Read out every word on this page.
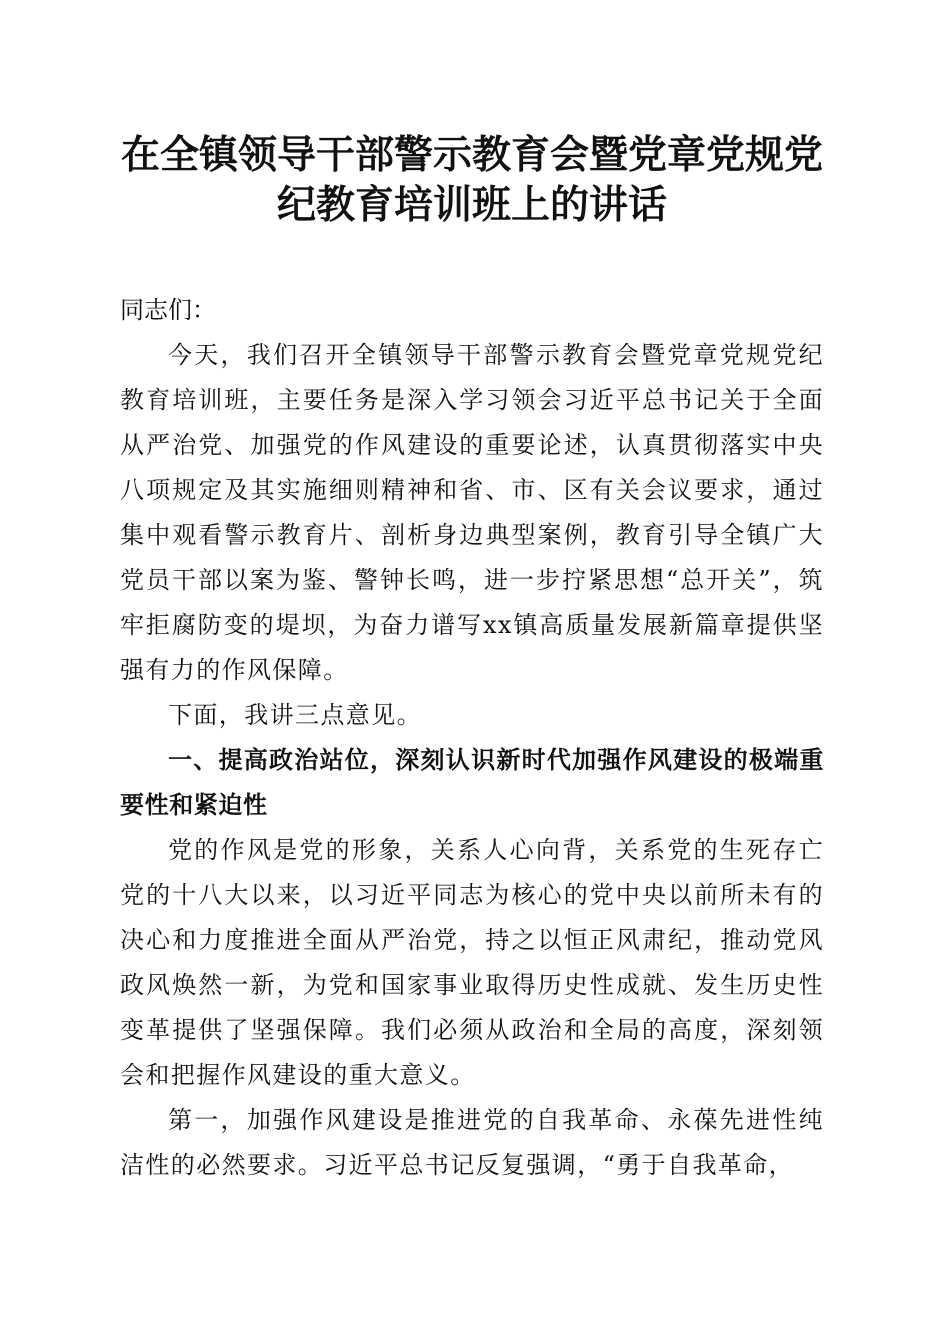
在全镇领导干部警示教育会暨党章党规党纪教育培训班上的讲话

同志们：

今天，我们召开全镇领导干部警示教育会暨党章党规党纪教育培训班，主要任务是深入学习领会习近平总书记关于全面从严治党、加强党的作风建设的重要论述，认真贯彻落实中央八项规定及其实施细则精神和省、市、区有关会议要求，通过集中观看警示教育片、剖析身边典型案例，教育引导全镇广大党员干部以案为鉴、警钟长鸣，进一步拧紧思想“总开关”，筑牢拒腐防变的堤坝，为奋力谱写xx镇高质量发展新篇章提供坚强有力的作风保障。

下面，我讲三点意见。

一、提高政治站位，深刻认识新时代加强作风建设的极端重要性和紧迫性

党的作风是党的形象，关系人心向背，关系党的生死存亡党的十八大以来，以习近平同志为核心的党中央以前所未有的决心和力度推进全面从严治党，持之以恒正风肃纪，推动党风政风焕然一新，为党和国家事业取得历史性成就、发生历史性变革提供了坚强保障。我们必须从政治和全局的高度，深刻领会和把握作风建设的重大意义。

第一，加强作风建设是推进党的自我革命、永葆先进性纯洁性的必然要求。习近平总书记反复强调，“勇于自我革命，
